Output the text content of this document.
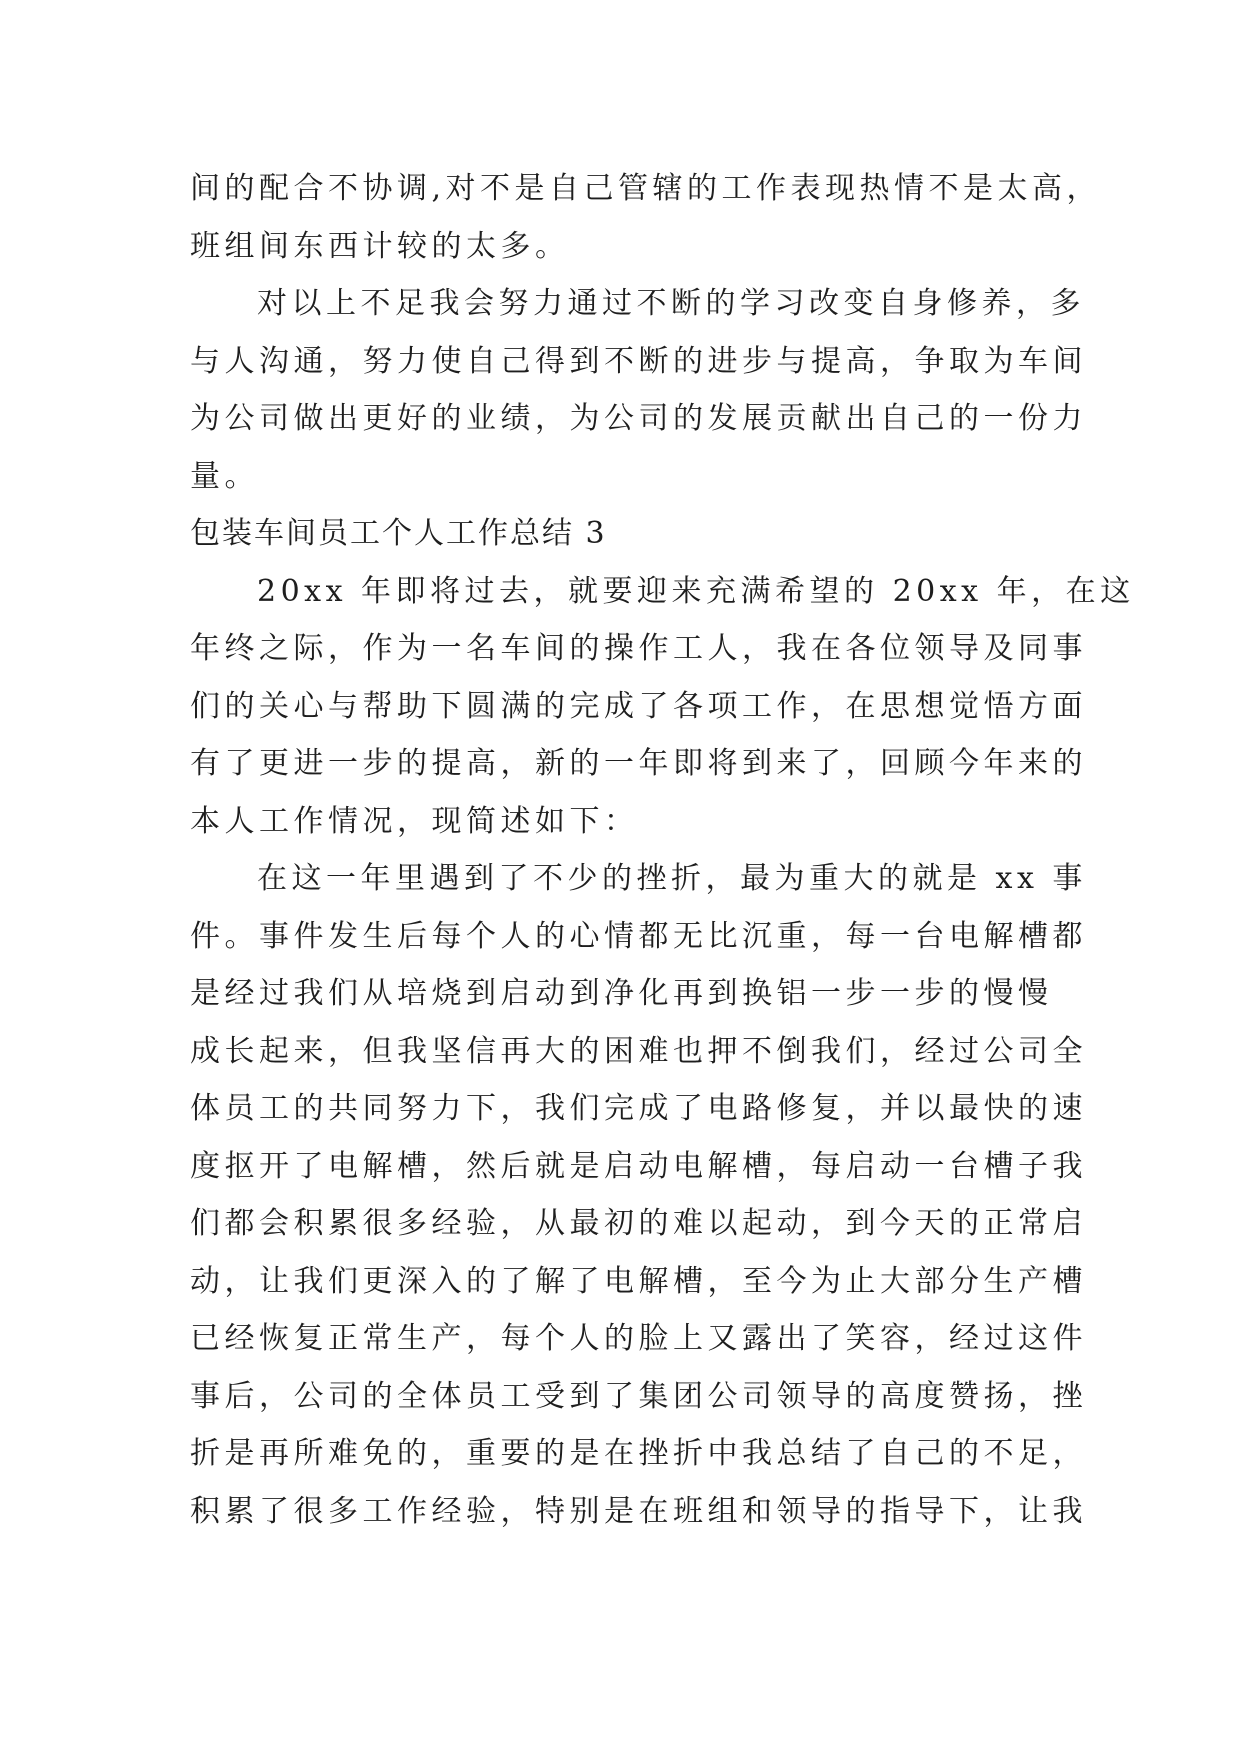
间的配合不协调,对不是自己管辖的工作表现热情不是太高，
班组间东西计较的太多。
对以上不足我会努力通过不断的学习改变自身修养，多
与人沟通，努力使自己得到不断的进步与提高，争取为车间
为公司做出更好的业绩，为公司的发展贡献出自己的一份力
量。
包装车间员工个人工作总结 3
20xx 年即将过去，就要迎来充满希望的 20xx 年，在这
年终之际，作为一名车间的操作工人，我在各位领导及同事
们的关心与帮助下圆满的完成了各项工作，在思想觉悟方面
有了更进一步的提高，新的一年即将到来了，回顾今年来的
本人工作情况，现简述如下：
在这一年里遇到了不少的挫折，最为重大的就是 xx 事
件。事件发生后每个人的心情都无比沉重，每一台电解槽都
是经过我们从培烧到启动到净化再到换铝一步一步的慢慢
成长起来，但我坚信再大的困难也押不倒我们，经过公司全
体员工的共同努力下，我们完成了电路修复，并以最快的速
度抠开了电解槽，然后就是启动电解槽，每启动一台槽子我
们都会积累很多经验，从最初的难以起动，到今天的正常启
动，让我们更深入的了解了电解槽，至今为止大部分生产槽
已经恢复正常生产，每个人的脸上又露出了笑容，经过这件
事后，公司的全体员工受到了集团公司领导的高度赞扬，挫
折是再所难免的，重要的是在挫折中我总结了自己的不足，
积累了很多工作经验，特别是在班组和领导的指导下，让我
